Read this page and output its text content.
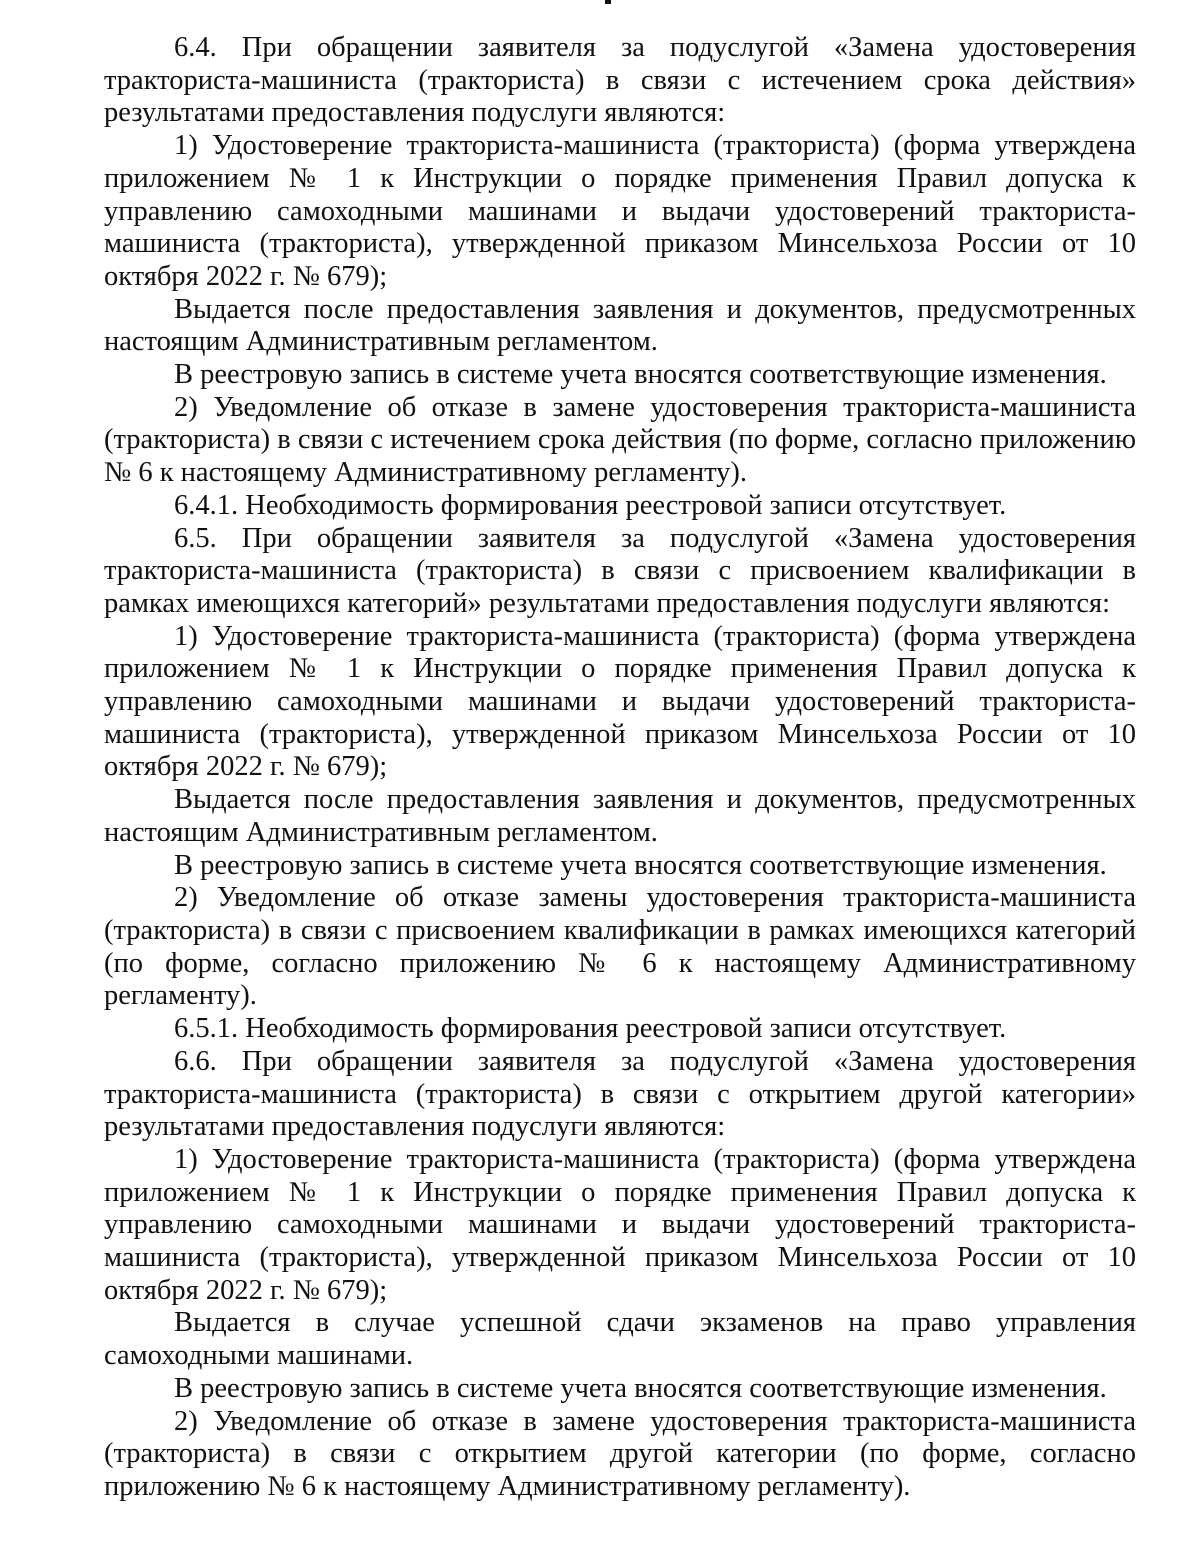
6.4. При обращении заявителя за подуслугой «Замена удостоверения тракториста-машиниста (тракториста) в связи с истечением срока действия» результатами предоставления подуслуги являются:

1) Удостоверение тракториста-машиниста (тракториста) (форма утверждена приложением № 1 к Инструкции о порядке применения Правил допуска к управлению самоходными машинами и выдачи удостоверений тракториста-машиниста (тракториста), утвержденной приказом Минсельхоза России от 10 октября 2022 г. № 679);

Выдается после предоставления заявления и документов, предусмотренных настоящим Административным регламентом.

В реестровую запись в системе учета вносятся соответствующие изменения.

2) Уведомление об отказе в замене удостоверения тракториста-машиниста (тракториста) в связи с истечением срока действия (по форме, согласно приложению № 6 к настоящему Административному регламенту).

6.4.1. Необходимость формирования реестровой записи отсутствует.

6.5. При обращении заявителя за подуслугой «Замена удостоверения тракториста-машиниста (тракториста) в связи с присвоением квалификации в рамках имеющихся категорий» результатами предоставления подуслуги являются:

1) Удостоверение тракториста-машиниста (тракториста) (форма утверждена приложением № 1 к Инструкции о порядке применения Правил допуска к управлению самоходными машинами и выдачи удостоверений тракториста-машиниста (тракториста), утвержденной приказом Минсельхоза России от 10 октября 2022 г. № 679);

Выдается после предоставления заявления и документов, предусмотренных настоящим Административным регламентом.

В реестровую запись в системе учета вносятся соответствующие изменения.

2) Уведомление об отказе замены удостоверения тракториста-машиниста (тракториста) в связи с присвоением квалификации в рамках имеющихся категорий (по форме, согласно приложению № 6 к настоящему Административному регламенту).

6.5.1. Необходимость формирования реестровой записи отсутствует.

6.6. При обращении заявителя за подуслугой «Замена удостоверения тракториста-машиниста (тракториста) в связи с открытием другой категории» результатами предоставления подуслуги являются:

1) Удостоверение тракториста-машиниста (тракториста) (форма утверждена приложением № 1 к Инструкции о порядке применения Правил допуска к управлению самоходными машинами и выдачи удостоверений тракториста-машиниста (тракториста), утвержденной приказом Минсельхоза России от 10 октября 2022 г. № 679);

Выдается в случае успешной сдачи экзаменов на право управления самоходными машинами.

В реестровую запись в системе учета вносятся соответствующие изменения.

2) Уведомление об отказе в замене удостоверения тракториста-машиниста (тракториста) в связи с открытием другой категории (по форме, согласно приложению № 6 к настоящему Административному регламенту).
